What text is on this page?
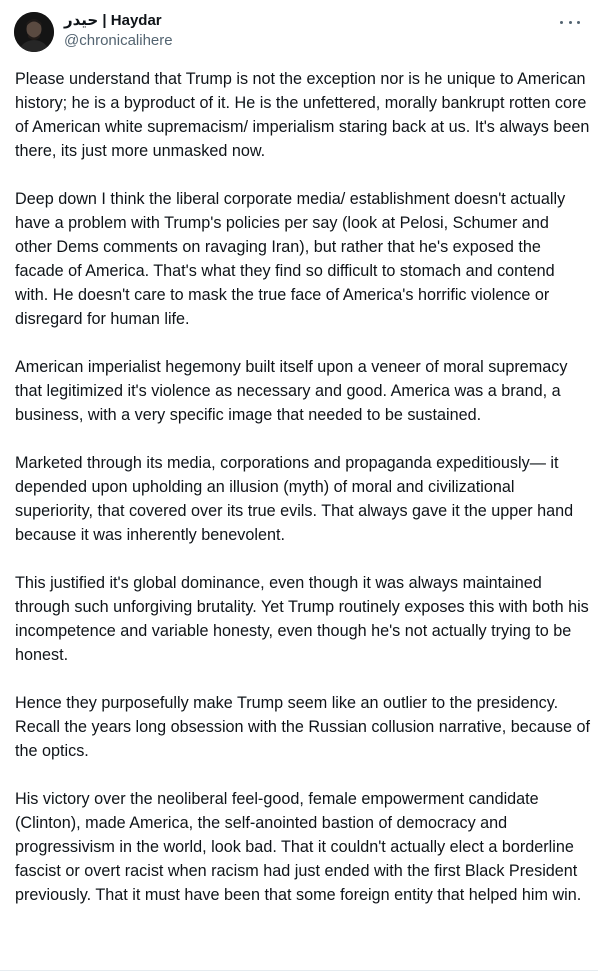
حيدر | Haydar
@chronicalihere

Please understand that Trump is not the exception nor is he unique to American history; he is a byproduct of it. He is the unfettered, morally bankrupt rotten core of American white supremacism/ imperialism staring back at us. It's always been there, its just more unmasked now.

Deep down I think the liberal corporate media/ establishment doesn't actually have a problem with Trump's policies per say (look at Pelosi, Schumer and other Dems comments on ravaging Iran), but rather that he's exposed the facade of America. That's what they find so difficult to stomach and contend with. He doesn't care to mask the true face of America's horrific violence or disregard for human life.

American imperialist hegemony built itself upon a veneer of moral supremacy that legitimized it's violence as necessary and good. America was a brand, a business, with a very specific image that needed to be sustained.

Marketed through its media, corporations and propaganda expeditiously— it depended upon upholding an illusion (myth) of moral and civilizational superiority, that covered over its true evils. That always gave it the upper hand because it was inherently benevolent.

This justified it's global dominance, even though it was always maintained through such unforgiving brutality. Yet Trump routinely exposes this with both his incompetence and variable honesty, even though he's not actually trying to be honest.

Hence they purposefully make Trump seem like an outlier to the presidency. Recall the years long obsession with the Russian collusion narrative, because of the optics.

His victory over the neoliberal feel-good, female empowerment candidate (Clinton), made America, the self-anointed bastion of democracy and progressivism in the world, look bad. That it couldn't actually elect a borderline fascist or overt racist when racism had just ended with the first Black President previously. That it must have been that some foreign entity that helped him win.
